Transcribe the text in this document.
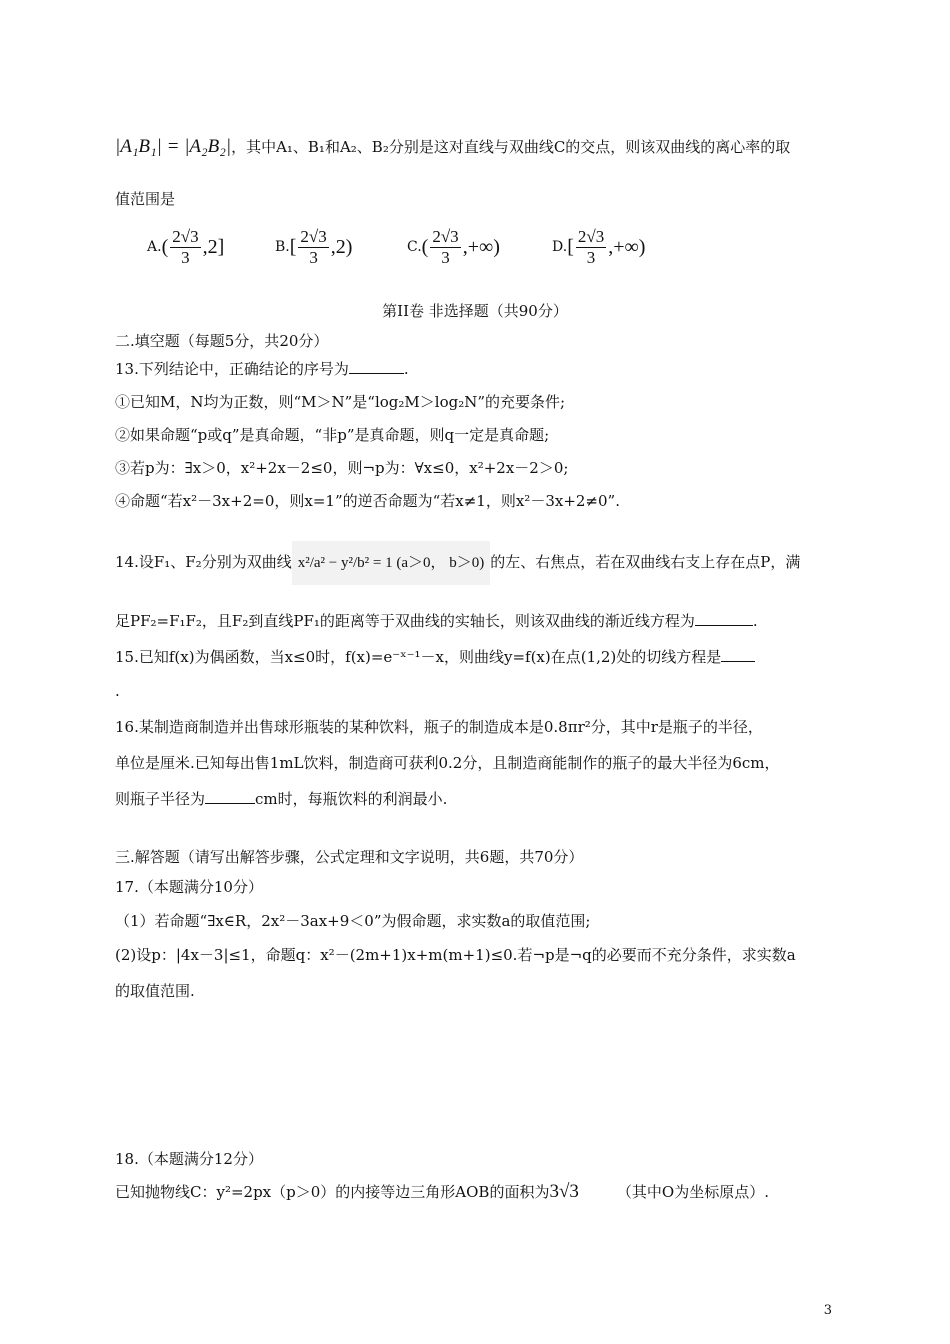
|A₁B₁| = |A₂B₂|，其中A₁、B₁和A₂、B₂分别是这对直线与双曲线C的交点，则该双曲线的离心率的取
值范围是
A. ( $\frac{2√3}{3} ,2$]	B. [ $\frac{2√3}{3} ,2$)	C. ( $\frac{2√3}{3}$ ,+∞)	D. [ $\frac{2√3}{3}$ ,+∞)
第II卷 非选择题（共90分）
二.填空题（每题5分，共20分）
13.下列结论中，正确结论的序号为	.
①已知M，N均为正数，则“M＞N”是“log₂M＞log₂N”的充要条件;
②如果命题“p或q”是真命题，“非p”是真命题，则q一定是真命题;
③若p为：∃x＞0，x²+2x－2≤0，则¬p为：∀x≤0，x²+2x－2＞0;
④命题“若x²－3x+2=0，则x=1”的逆否命题为“若x≠1，则x²－3x+2≠0”.
14.设F₁、F₂分别为双曲线 x²/a² − y²/b² = 1 (a＞0， b＞0) 的左、右焦点，若在双曲线右支上存在点P，满
足PF₂=F₁F₂，且F₂到直线PF₁的距离等于双曲线的实轴长，则该双曲线的渐近线方程为	.
15.已知f(x)为偶函数，当x≤0时，f(x)=e⁻ˣ⁻¹－x，则曲线y=f(x)在点(1,2)处的切线方程是
.
16.某制造商制造并出售球形瓶装的某种饮料，瓶子的制造成本是0.8πr²分，其中r是瓶子的半径，
单位是厘米.已知每出售1mL饮料，制造商可获利0.2分，且制造商能制作的瓶子的最大半径为6cm，
则瓶子半径为	cm时，每瓶饮料的利润最小.
三.解答题（请写出解答步骤，公式定理和文字说明，共6题，共70分）
17.（本题满分10分）
（1）若命题“∃x∈R，2x²－3ax+9＜0”为假命题，求实数a的取值范围;
(2)设p：|4x－3|≤1，命题q：x²－(2m+1)x+m(m+1)≤0.若¬p是¬q的必要而不充分条件，求实数a
的取值范围.
18.（本题满分12分）
已知抛物线C：y²=2px（p＞0）的内接等边三角形AOB的面积为3√3	（其中O为坐标原点）.
3
